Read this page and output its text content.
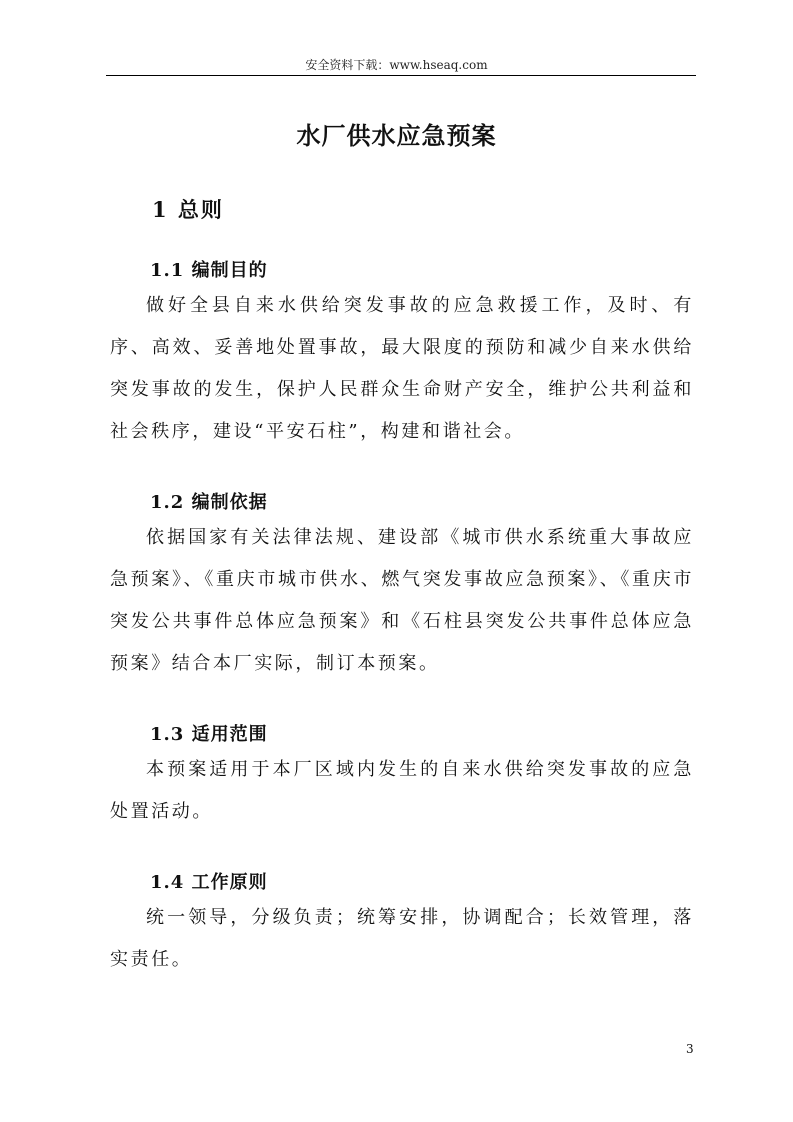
安全资料下载：www.hseaq.com
水厂供水应急预案
1 总则
1.1 编制目的
做好全县自来水供给突发事故的应急救援工作，及时、有序、高效、妥善地处置事故，最大限度的预防和减少自来水供给突发事故的发生，保护人民群众生命财产安全，维护公共利益和社会秩序，建设“平安石柱”，构建和谐社会。
1.2 编制依据
依据国家有关法律法规、建设部《城市供水系统重大事故应急预案》、《重庆市城市供水、燃气突发事故应急预案》、《重庆市突发公共事件总体应急预案》和《石柱县突发公共事件总体应急预案》结合本厂实际，制订本预案。
1.3 适用范围
本预案适用于本厂区域内发生的自来水供给突发事故的应急处置活动。
1.4 工作原则
统一领导，分级负责；统筹安排，协调配合；长效管理，落实责任。
3
